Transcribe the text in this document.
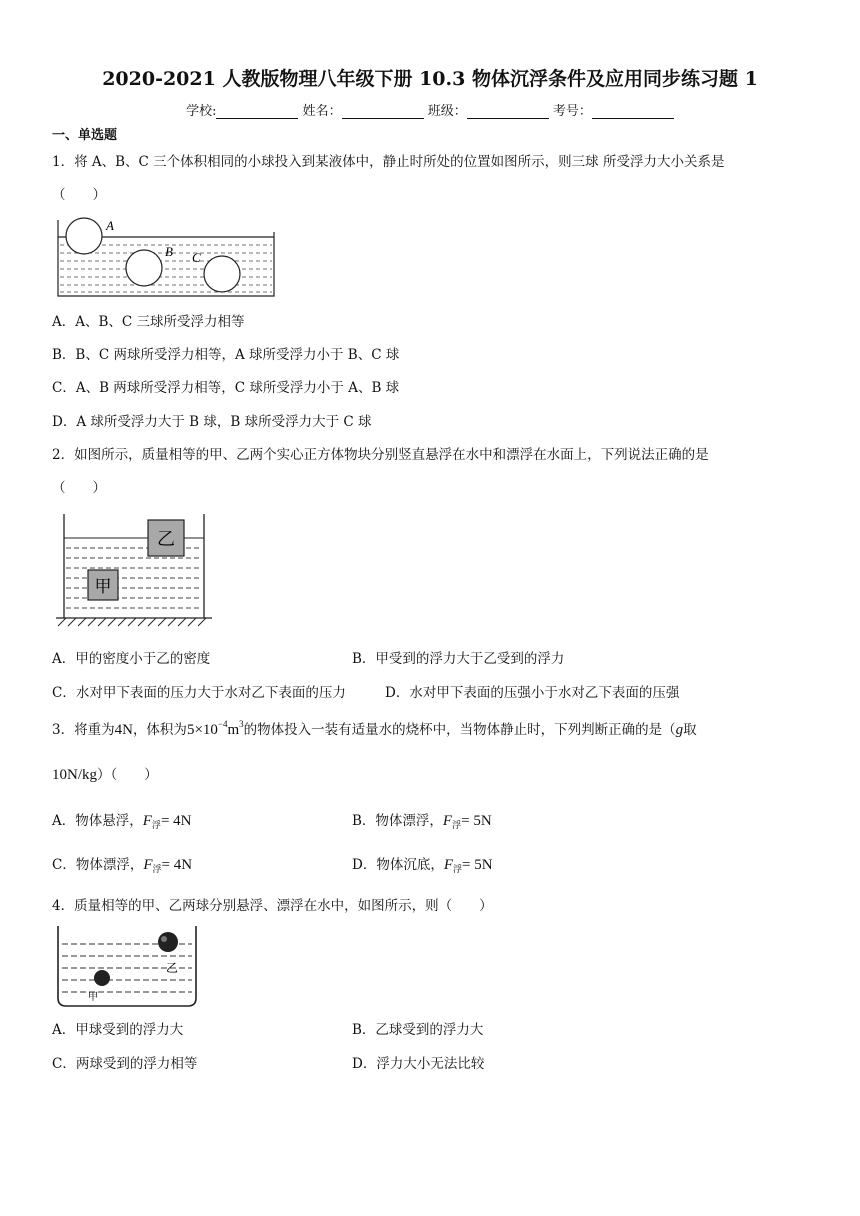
2020-2021 人教版物理八年级下册 10.3 物体沉浮条件及应用同步练习题 1
学校:	姓名：	班级：	考号：
一、单选题
1．将 A、B、C 三个体积相同的小球投入到某液体中，静止时所处的位置如图所示，则三球 所受浮力大小关系是
（　　）
A
B C
A．A、B、C 三球所受浮力相等
B．B、C 两球所受浮力相等，A 球所受浮力小于 B、C 球
C．A、B 两球所受浮力相等，C 球所受浮力小于 A、B 球
D．A 球所受浮力大于 B 球，B 球所受浮力大于 C 球
2．如图所示，质量相等的甲、乙两个实心正方体物块分别竖直悬浮在水中和漂浮在水面上，下列说法正确的是
（　　）
乙
甲
A．甲的密度小于乙的密度	B．甲受到的浮力大于乙受到的浮力
C．水对甲下表面的压力大于水对乙下表面的压力	D．水对甲下表面的压强小于水对乙下表面的压强
3．将重为4N，体积为$5\times 10^{-4}m^3$的物体投入一装有适量水的烧杯中，当物体静止时，下列判断正确的是（g取
10N/kg）（　　）
A．物体悬浮，$F_浮= 4N$	B．物体漂浮，$F_浮= 5N$
C．物体漂浮，$F_浮= 4N$	D．物体沉底，$F_浮= 5N$
4．质量相等的甲、乙两球分别悬浮、漂浮在水中，如图所示，则（　　）
乙
甲
A．甲球受到的浮力大	B．乙球受到的浮力大
C．两球受到的浮力相等	D．浮力大小无法比较
